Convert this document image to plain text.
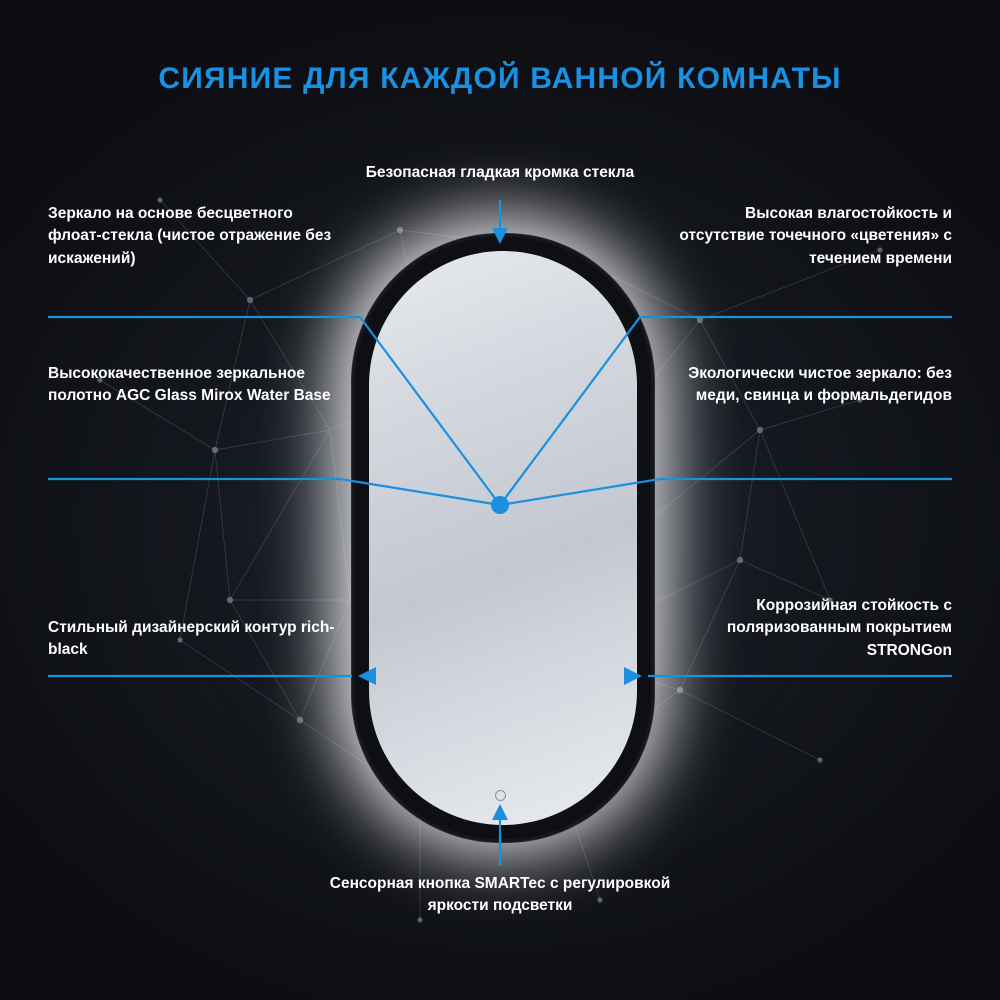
СИЯНИЕ ДЛЯ КАЖДОЙ ВАННОЙ КОМНАТЫ
Безопасная гладкая кромка стекла
Зеркало на основе бесцветного флоат-стекла (чистое отражение без искажений)
Высокая влагостойкость и отсутствие точечного «цветения» с течением времени
Высококачественное зеркальное полотно AGC Glass Mirox Water Base
Экологически чистое зеркало: без меди, свинца и формальдегидов
Стильный дизайнерский контур rich-black
Коррозийная стойкость с поляризованным покрытием STRONGon
Сенсорная кнопка SMARTec с регулировкой яркости подсветки
